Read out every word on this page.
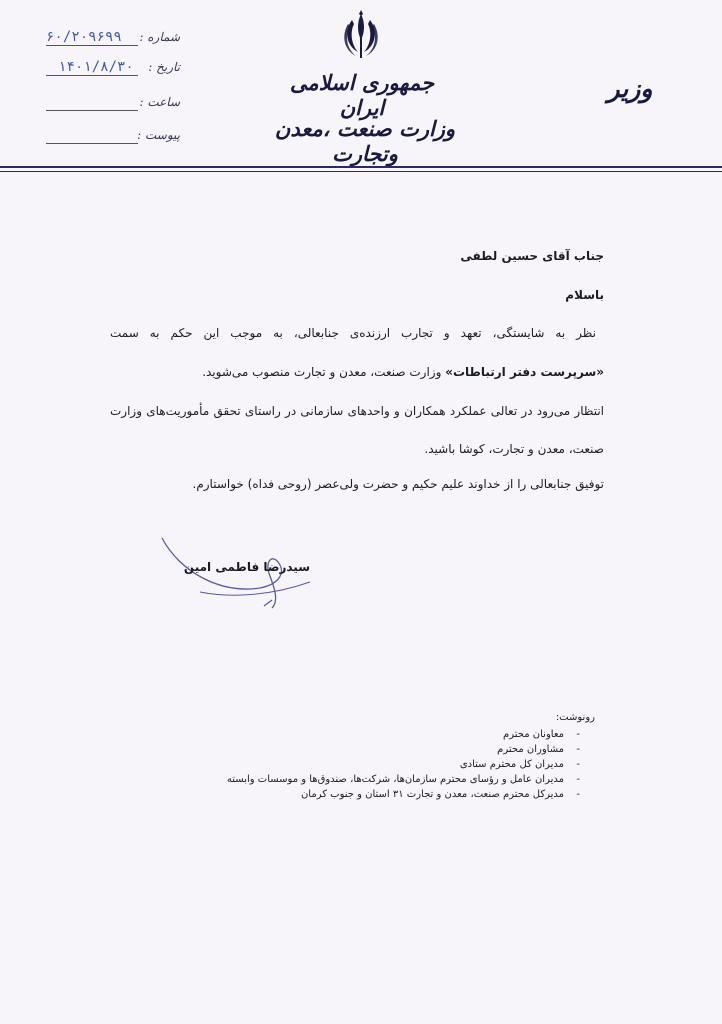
۶۰/۲۰۹۶۹۹ شماره :
۱۴۰۱/۸/۳۰ تاریخ :
ساعت :
پیوست :
جمهوری اسلامی ایران
وزارت صنعت ،معدن وتجارت
وزیر
جناب آقای حسین لطفی
باسلام
نظر به شایستگی، تعهد و تجارب ارزنده‌ی جنابعالی، به موجب این حکم به سمت
«سرپرست دفتر ارتباطات» وزارت صنعت، معدن و تجارت منصوب می‌شوید.
انتظار می‌رود در تعالی عملکرد همکاران و واحدهای سازمانی در راستای تحقق مأموریت‌های وزارت
صنعت، معدن و تجارت، کوشا باشید.
توفیق جنابعالی را از خداوند علیم حکیم و حضرت ولی‌عصر (روحی فداه) خواستارم.
سیدرضا فاطمی امین
رونوشت:
-معاونان محترم
-مشاوران محترم
-مدیران کل محترم ستادی
-مدیران عامل و رؤسای محترم سازمان‌ها، شرکت‌ها، صندوق‌ها و موسسات وابسته
-مدیرکل محترم صنعت، معدن و تجارت ۳۱ استان و جنوب کرمان
